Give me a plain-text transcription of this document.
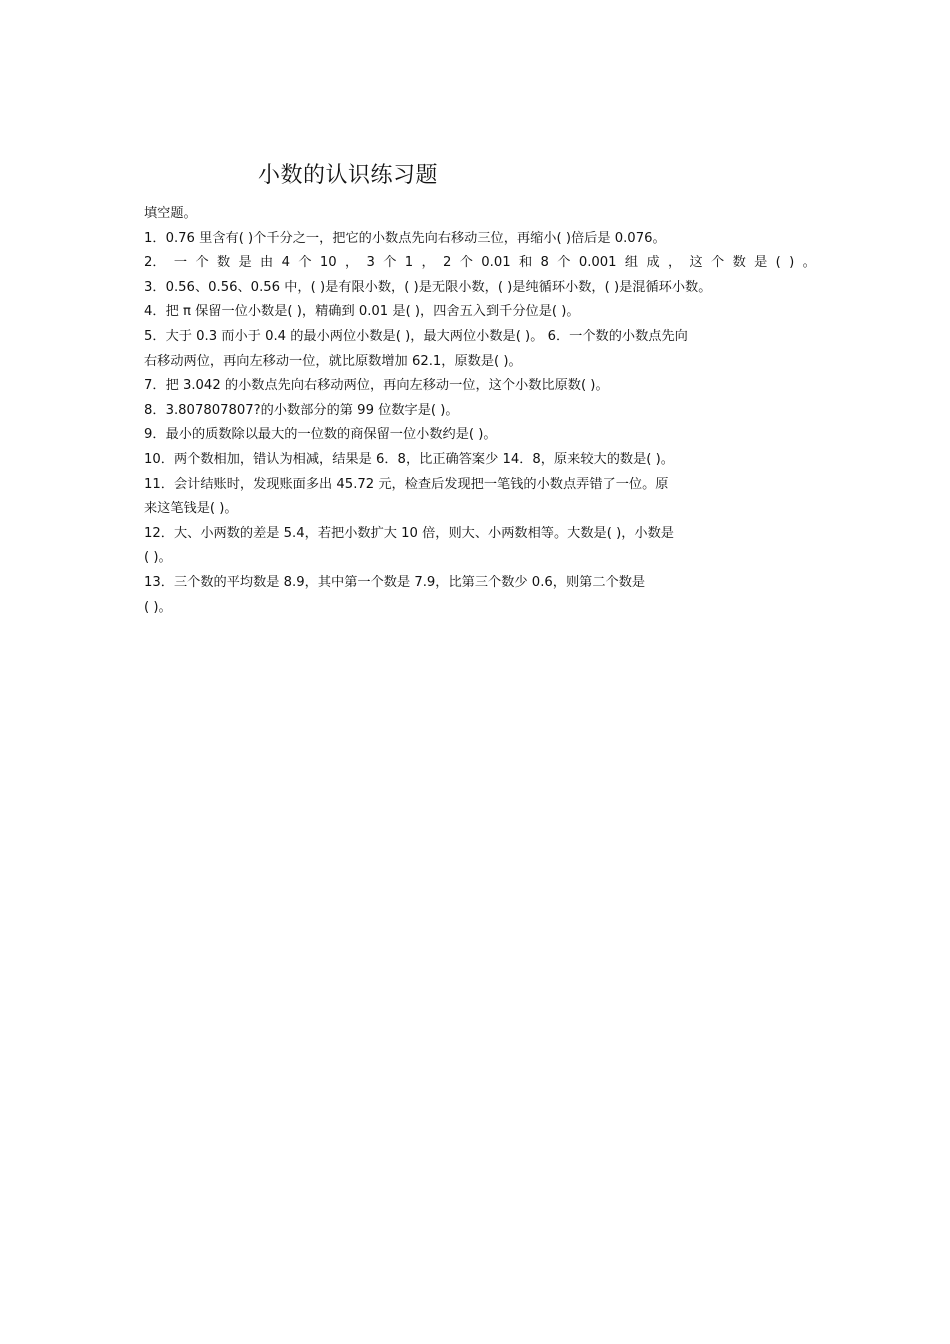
小数的认识练习题
填空题。
1．0.76 里含有( )个千分之一，把它的小数点先向右移动三位，再缩小( )倍后是 0.076。
2． 一 个 数 是 由 4 个 10 ， 3 个 1 ， 2 个 0.01 和 8 个 0.001 组 成 ， 这 个 数 是 ( ) 。
3．0.56、0.56、0.56 中，( )是有限小数，( )是无限小数，( )是纯循环小数，( )是混循环小数。
4．把 π 保留一位小数是( )，精确到 0.01 是( )，四舍五入到千分位是( )。
5．大于 0.3 而小于 0.4 的最小两位小数是( )，最大两位小数是( )。 6．一个数的小数点先向
右移动两位，再向左移动一位，就比原数增加 62.1，原数是( )。
7．把 3.042 的小数点先向右移动两位，再向左移动一位，这个小数比原数( )。
8．3.807807807?的小数部分的第 99 位数字是( )。
9．最小的质数除以最大的一位数的商保留一位小数约是( )。
10．两个数相加，错认为相减，结果是 6．8，比正确答案少 14．8，原来较大的数是( )。
11．会计结账时，发现账面多出 45.72 元，检查后发现把一笔钱的小数点弄错了一位。原
来这笔钱是( )。
12．大、小两数的差是 5.4，若把小数扩大 10 倍，则大、小两数相等。大数是( )，小数是
( )。
13．三个数的平均数是 8.9，其中第一个数是 7.9，比第三个数少 0.6，则第二个数是
( )。
